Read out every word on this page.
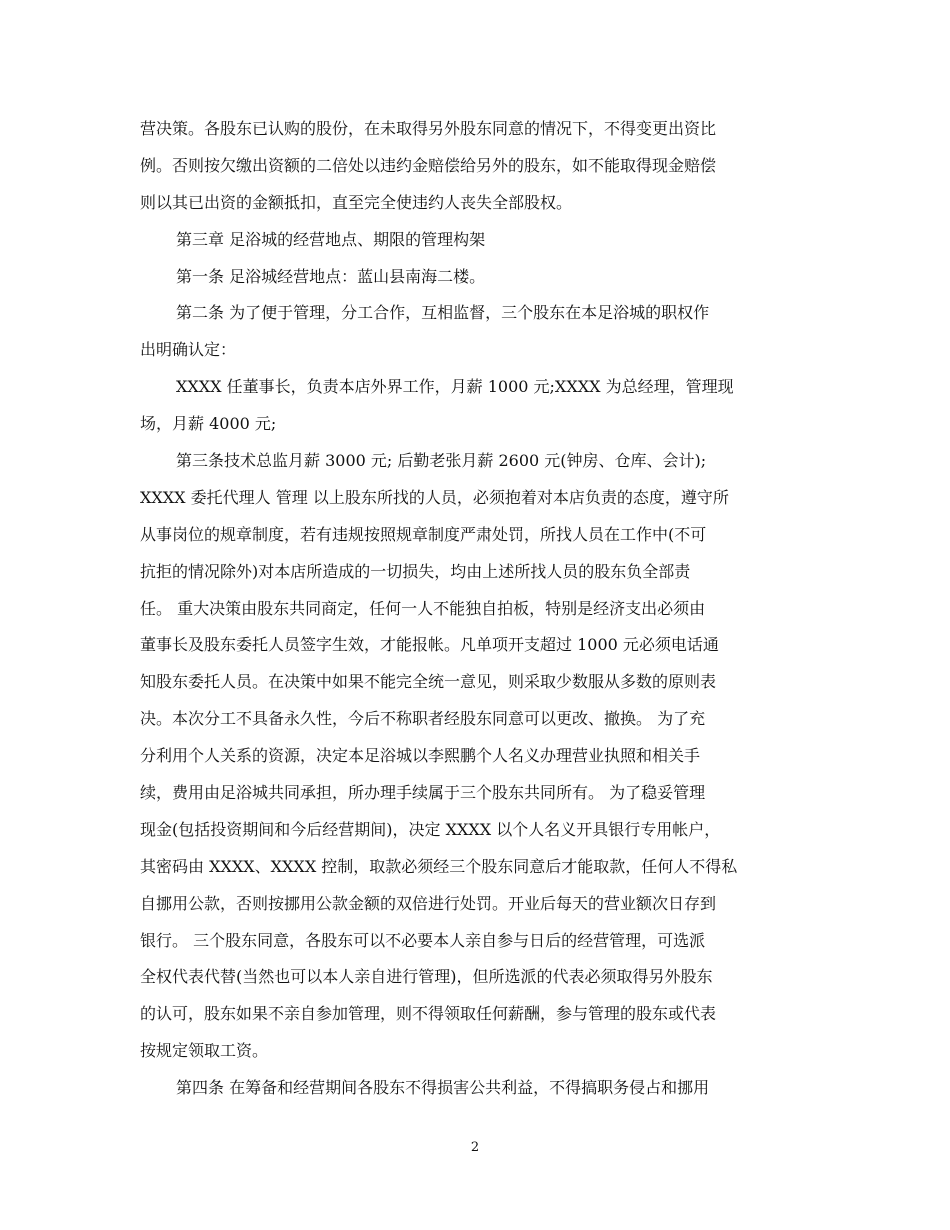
营决策。各股东已认购的股份，在未取得另外股东同意的情况下，不得变更出资比
例。否则按欠缴出资额的二倍处以违约金赔偿给另外的股东，如不能取得现金赔偿
则以其已出资的金额抵扣，直至完全使违约人丧失全部股权。
第三章 足浴城的经营地点、期限的管理构架
第一条 足浴城经营地点：蓝山县南海二楼。
第二条 为了便于管理，分工合作，互相监督，三个股东在本足浴城的职权作
出明确认定：
XXXX 任董事长，负责本店外界工作，月薪 1000 元;XXXX 为总经理，管理现
场，月薪 4000 元;
第三条技术总监月薪 3000 元; 后勤老张月薪 2600 元(钟房、仓库、会计);
XXXX 委托代理人 管理 以上股东所找的人员，必须抱着对本店负责的态度，遵守所
从事岗位的规章制度，若有违规按照规章制度严肃处罚，所找人员在工作中(不可
抗拒的情况除外)对本店所造成的一切损失，均由上述所找人员的股东负全部责
任。 重大决策由股东共同商定，任何一人不能独自拍板，特别是经济支出必须由
董事长及股东委托人员签字生效，才能报帐。凡单项开支超过 1000 元必须电话通
知股东委托人员。在决策中如果不能完全统一意见，则采取少数服从多数的原则表
决。本次分工不具备永久性，今后不称职者经股东同意可以更改、撤换。 为了充
分利用个人关系的资源，决定本足浴城以李熙鹏个人名义办理营业执照和相关手
续，费用由足浴城共同承担，所办理手续属于三个股东共同所有。 为了稳妥管理
现金(包括投资期间和今后经营期间)，决定 XXXX 以个人名义开具银行专用帐户，
其密码由 XXXX、XXXX 控制，取款必须经三个股东同意后才能取款，任何人不得私
自挪用公款，否则按挪用公款金额的双倍进行处罚。开业后每天的营业额次日存到
银行。 三个股东同意，各股东可以不必要本人亲自参与日后的经营管理，可选派
全权代表代替(当然也可以本人亲自进行管理)，但所选派的代表必须取得另外股东
的认可，股东如果不亲自参加管理，则不得领取任何薪酬，参与管理的股东或代表
按规定领取工资。
第四条 在筹备和经营期间各股东不得损害公共利益，不得搞职务侵占和挪用
2
